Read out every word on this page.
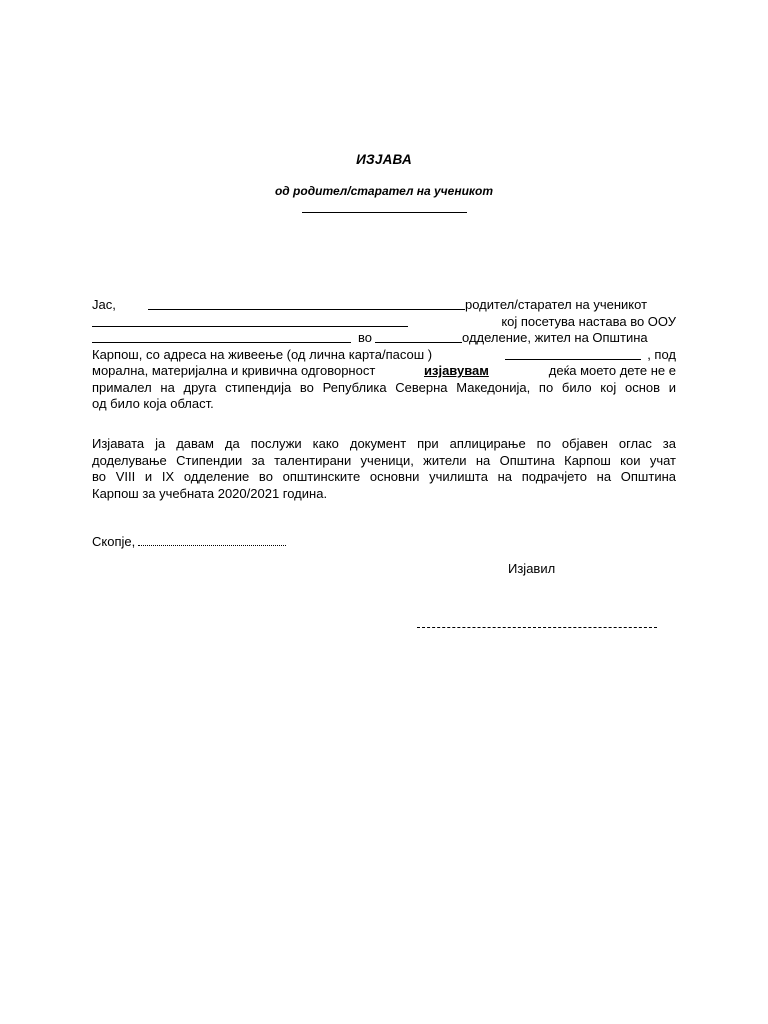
ИЗЈАВА
од родител/старател на ученикот
Јас,	родител/старател на ученикот
кој посетува настава во ООУ
во	одделение, жител на Општина
Карпош, со адреса на живеење (од лична карта/пасош )	, под
морална, материјална и кривична одговорност	изјавувам	деќа моето дете не е
прималел на друга стипендија во Република Северна Македонија, по било кој основ и
од било која област.
Изјавата ја давам да послужи како документ при аплицирање по објавен оглас за
доделување Стипендии за талентирани ученици, жители на Општина Карпош кои учат
во VIII и IX одделение во општинските основни училишта на подрачјето на Општина
Карпош за учебната 2020/2021 година.
Скопје,
Изјавил
